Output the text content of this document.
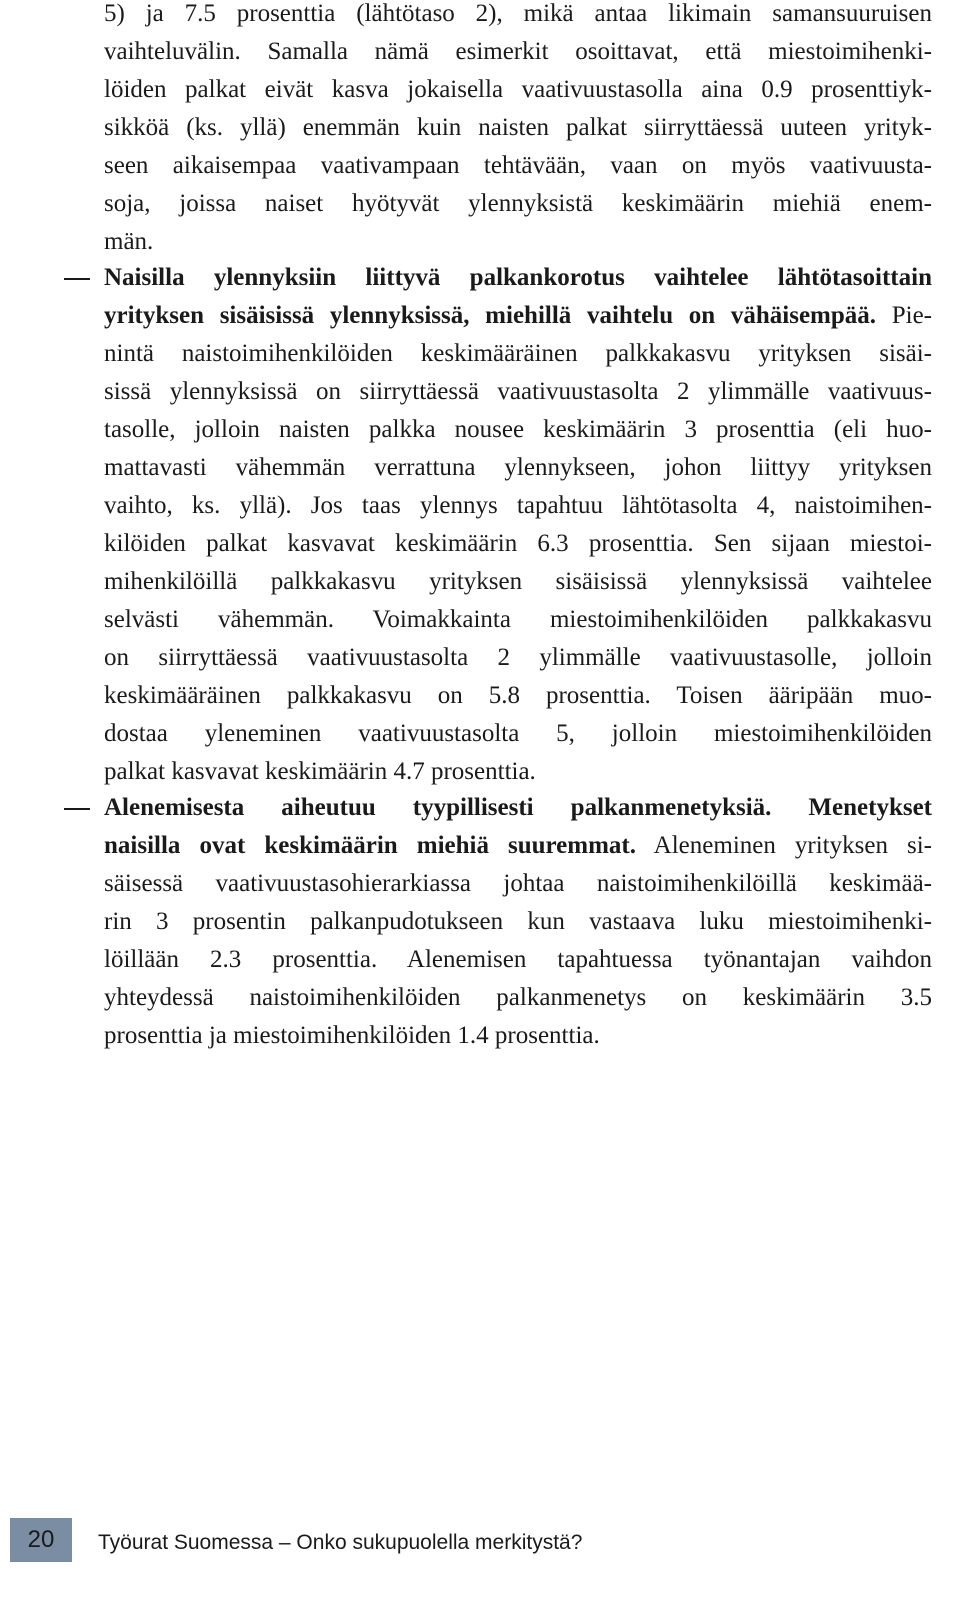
5) ja 7.5 prosenttia (lähtötaso 2), mikä antaa likimain samansuuruisen
vaihteluvälin. Samalla nämä esimerkit osoittavat, että miestoimihenki-
löiden palkat eivät kasva jokaisella vaativuustasolla aina 0.9 prosenttiyk-
sikköä (ks. yllä) enemmän kuin naisten palkat siirryttäessä uuteen yrityk-
seen aikaisempaa vaativampaan tehtävään, vaan on myös vaativuusta-
soja, joissa naiset hyötyvät ylennyksistä keskimäärin miehiä enem-
män.
Naisilla ylennyksiin liittyvä palkankorotus vaihtelee lähtötasoittain
yrityksen sisäisissä ylennyksissä, miehillä vaihtelu on vähäisempää. Pie-
nintä naistoimihenkilöiden keskimääräinen palkkakasvu yrityksen sisäi-
sissä ylennyksissä on siirryttäessä vaativuustasolta 2 ylimmälle vaativuus-
tasolle, jolloin naisten palkka nousee keskimäärin 3 prosenttia (eli huo-
mattavasti vähemmän verrattuna ylennykseen, johon liittyy yrityksen
vaihto, ks. yllä). Jos taas ylennys tapahtuu lähtötasolta 4, naistoimihen-
kilöiden palkat kasvavat keskimäärin 6.3 prosenttia. Sen sijaan miestoi-
mihenkilöillä palkkakasvu yrityksen sisäisissä ylennyksissä vaihtelee
selvästi vähemmän. Voimakkainta miestoimihenkilöiden palkkakasvu
on siirryttäessä vaativuustasolta 2 ylimmälle vaativuustasolle, jolloin
keskimääräinen palkkakasvu on 5.8 prosenttia. Toisen ääripään muo-
dostaa yleneminen vaativuustasolta 5, jolloin miestoimihenkilöiden
palkat kasvavat keskimäärin 4.7 prosenttia.
Alenemisesta aiheutuu tyypillisesti palkanmenetyksiä. Menetykset
naisilla ovat keskimäärin miehiä suuremmat. Aleneminen yrityksen si-
säisessä vaativuustasohierarkiassa johtaa naistoimihenkilöillä keskimää-
rin 3 prosentin palkanpudotukseen kun vastaava luku miestoimihenki-
löillään 2.3 prosenttia. Alenemisen tapahtuessa työnantajan vaihdon
yhteydessä naistoimihenkilöiden palkanmenetys on keskimäärin 3.5
prosenttia ja miestoimihenkilöiden 1.4 prosenttia.
20	Työurat Suomessa – Onko sukupuolella merkitystä?
